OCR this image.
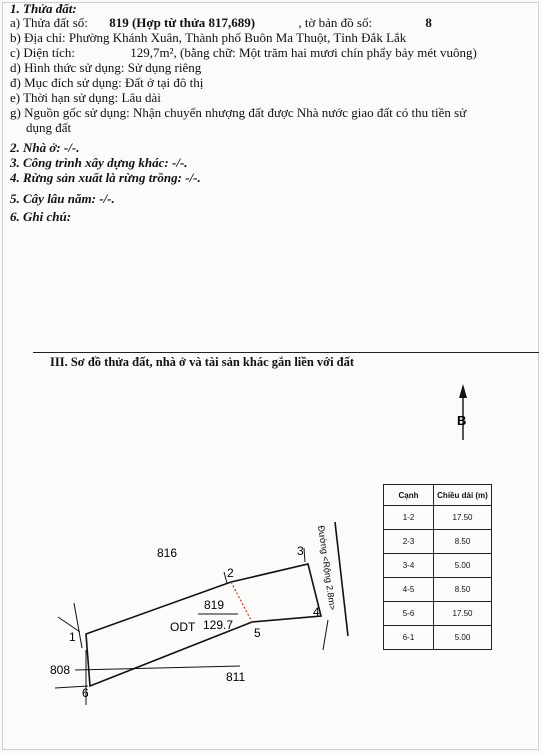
1. Thửa đất:
a) Thửa đất số: 819 (Hợp từ thửa 817,689)	, tờ bản đồ số:	8
b) Địa chỉ: Phường Khánh Xuân, Thành phố Buôn Ma Thuột, Tỉnh Đắk Lắk
c) Diện tích:	129,7m², (bằng chữ: Một trăm hai mươi chín phẩy bảy mét vuông)
d) Hình thức sử dụng: Sử dụng riêng
đ) Mục đích sử dụng: Đất ở tại đô thị
e) Thời hạn sử dụng: Lâu dài
g) Nguồn gốc sử dụng: Nhận chuyển nhượng đất được Nhà nước giao đất có thu tiền sử
dụng đất
2. Nhà ở: -/-.
3. Công trình xây dựng khác: -/-.
4. Rừng sản xuất là rừng trồng: -/-.
5. Cây lâu năm: -/-.
6. Ghi chú:
III. Sơ đồ thửa đất, nhà ở và tài sản khác gắn liền với đất
B
ODT
819
129.7
816
808	811
1
2
3
4
5
6
Đường <Rộng 2.8m>
Cạnh	Chiều dài (m)
1-2	17.50
2-3	8.50
3-4	5.00
4-5	8.50
5-6	17.50
6-1	5.00
